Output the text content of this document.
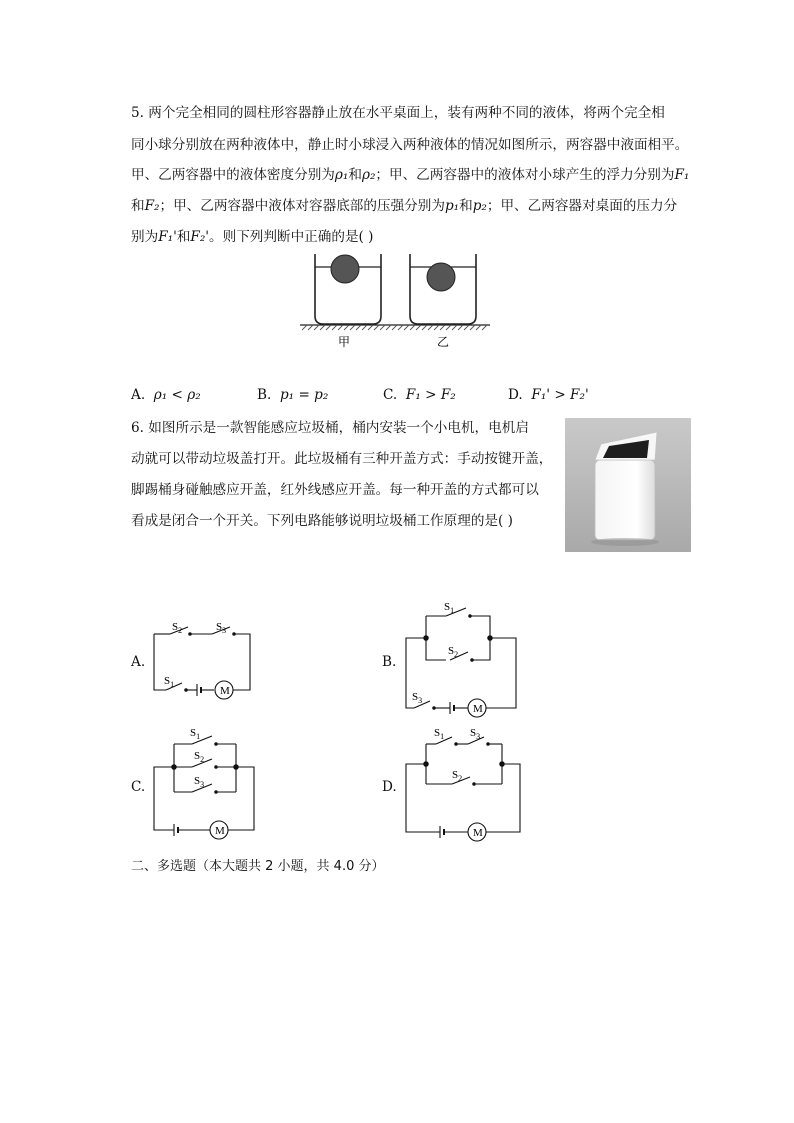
5. 两个完全相同的圆柱形容器静止放在水平桌面上，装有两种不同的液体，将两个完全相
同小球分别放在两种液体中，静止时小球浸入两种液体的情况如图所示，两容器中液面相平。
甲、乙两容器中的液体密度分别为ρ₁和ρ₂；甲、乙两容器中的液体对小球产生的浮力分别为F₁
和F₂；甲、乙两容器中液体对容器底部的压强分别为p₁和p₂；甲、乙两容器对桌面的压力分
别为F₁'和F₂'。则下列判断中正确的是( )
甲	乙
A. ρ₁ < ρ₂	B. p₁ = p₂	C. F₁ > F₂	D. F₁' > F₂'
6. 如图所示是一款智能感应垃圾桶，桶内安装一个小电机，电机启
动就可以带动垃圾盖打开。此垃圾桶有三种开盖方式：手动按键开盖，
脚踢桶身碰触感应开盖，红外线感应开盖。每一种开盖的方式都可以
看成是闭合一个开关。下列电路能够说明垃圾桶工作原理的是( )
A.
M
$S_2$	$S_3$
$S_1$
B.
M
$S_1$
$S_2$
$S_3$
C.
M
$S_1$
$S_2$
$S_3$	D.
M
$S_1$ $S_3$
$S_2$
二、多选题（本大题共 2 小题，共 4.0 分）
